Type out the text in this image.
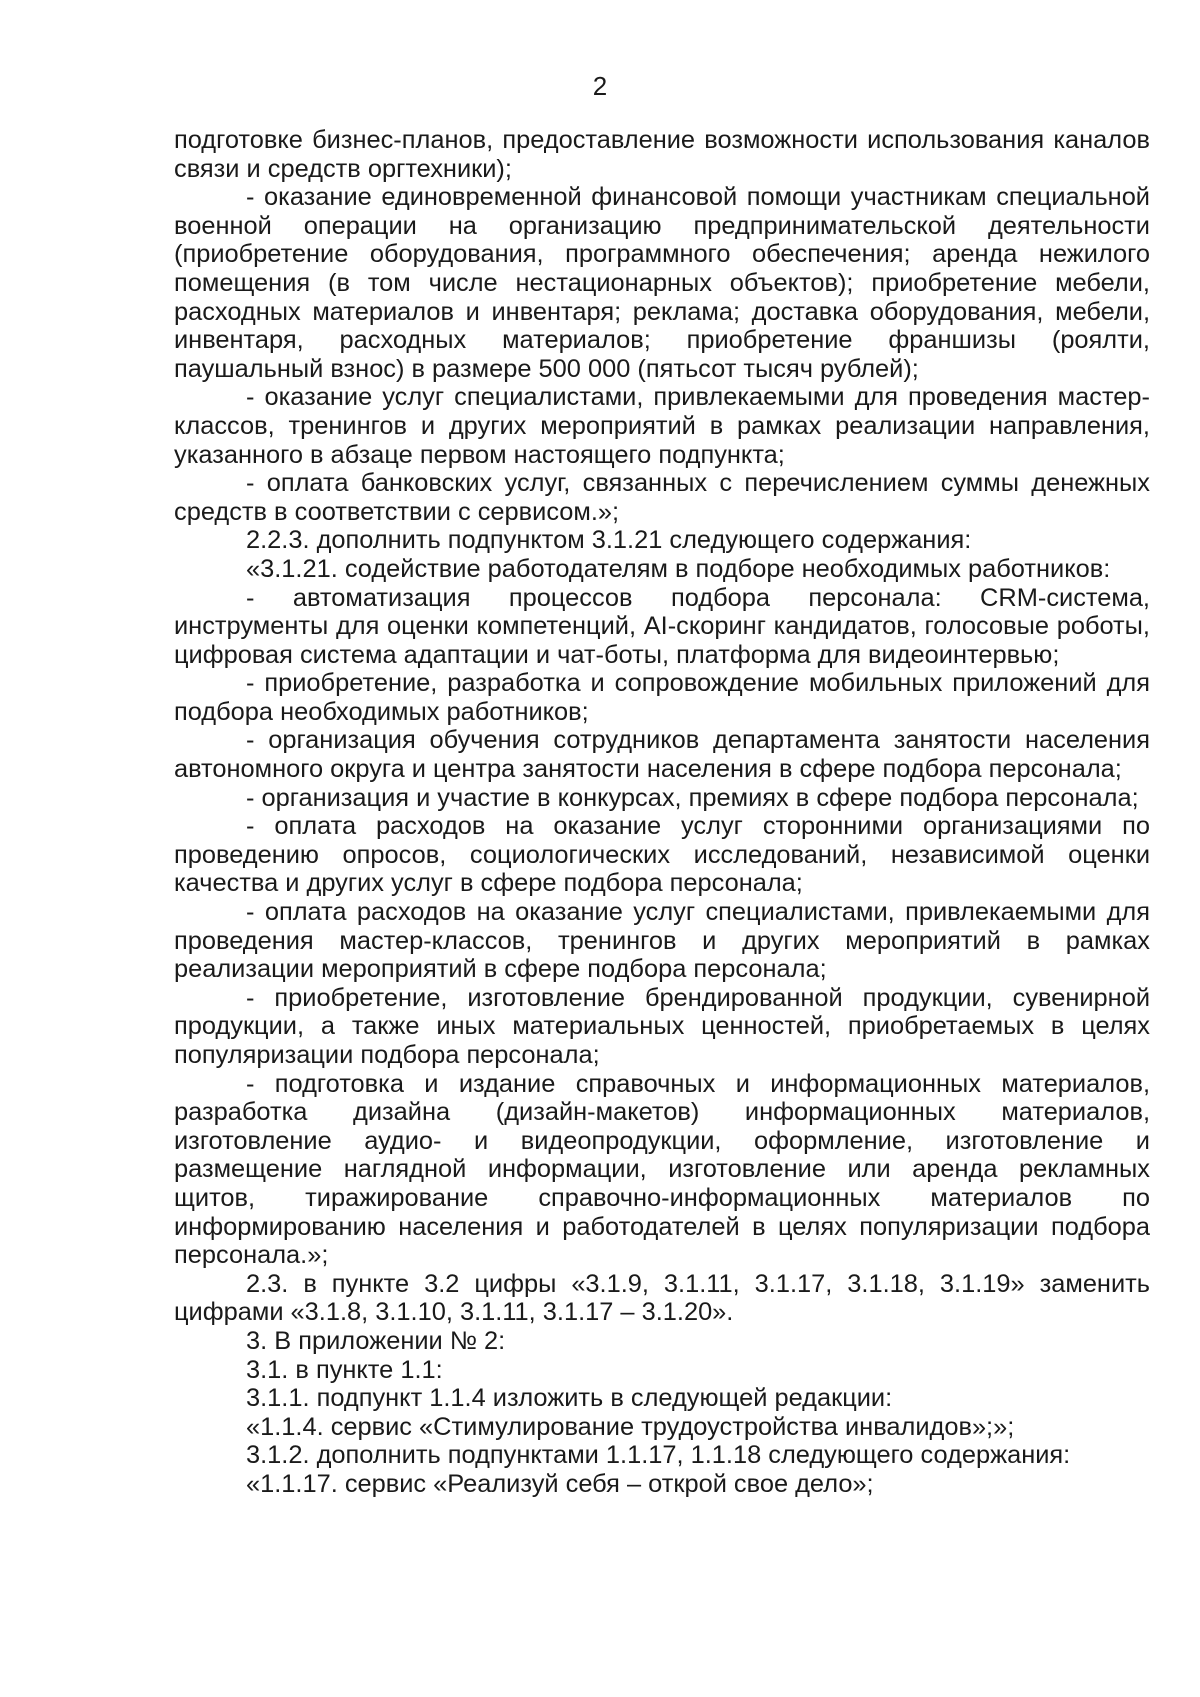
2

подготовке бизнес-планов, предоставление возможности использования каналов связи и средств оргтехники);

- оказание единовременной финансовой помощи участникам специальной военной операции на организацию предпринимательской деятельности (приобретение оборудования, программного обеспечения; аренда нежилого помещения (в том числе нестационарных объектов); приобретение мебели, расходных материалов и инвентаря; реклама; доставка оборудования, мебели, инвентаря, расходных материалов; приобретение франшизы (роялти, паушальный взнос) в размере 500 000 (пятьсот тысяч рублей);

- оказание услуг специалистами, привлекаемыми для проведения мастер-классов, тренингов и других мероприятий в рамках реализации направления, указанного в абзаце первом настоящего подпункта;

- оплата банковских услуг, связанных с перечислением суммы денежных средств в соответствии с сервисом.»;

2.2.3. дополнить подпунктом 3.1.21 следующего содержания:

«3.1.21. содействие работодателям в подборе необходимых работников:

- автоматизация процессов подбора персонала: CRM-система, инструменты для оценки компетенций, AI-скоринг кандидатов, голосовые роботы, цифровая система адаптации и чат-боты, платформа для видеоинтервью;

- приобретение, разработка и сопровождение мобильных приложений для подбора необходимых работников;

- организация обучения сотрудников департамента занятости населения автономного округа и центра занятости населения в сфере подбора персонала;

- организация и участие в конкурсах, премиях в сфере подбора персонала;

- оплата расходов на оказание услуг сторонними организациями по проведению опросов, социологических исследований, независимой оценки качества и других услуг в сфере подбора персонала;

- оплата расходов на оказание услуг специалистами, привлекаемыми для проведения мастер-классов, тренингов и других мероприятий в рамках реализации мероприятий в сфере подбора персонала;

- приобретение, изготовление брендированной продукции, сувенирной продукции, а также иных материальных ценностей, приобретаемых в целях популяризации подбора персонала;

- подготовка и издание справочных и информационных материалов, разработка дизайна (дизайн-макетов) информационных материалов, изготовление аудио- и видеопродукции, оформление, изготовление и размещение наглядной информации, изготовление или аренда рекламных щитов, тиражирование справочно-информационных материалов по информированию населения и работодателей в целях популяризации подбора персонала.»;

2.3. в пункте 3.2 цифры «3.1.9, 3.1.11, 3.1.17, 3.1.18, 3.1.19» заменить цифрами «3.1.8, 3.1.10, 3.1.11, 3.1.17 – 3.1.20».

3. В приложении № 2:

3.1. в пункте 1.1:

3.1.1. подпункт 1.1.4 изложить в следующей редакции:

«1.1.4. сервис «Стимулирование трудоустройства инвалидов»;»;

3.1.2. дополнить подпунктами 1.1.17, 1.1.18 следующего содержания:

«1.1.17. сервис «Реализуй себя – открой свое дело»;
